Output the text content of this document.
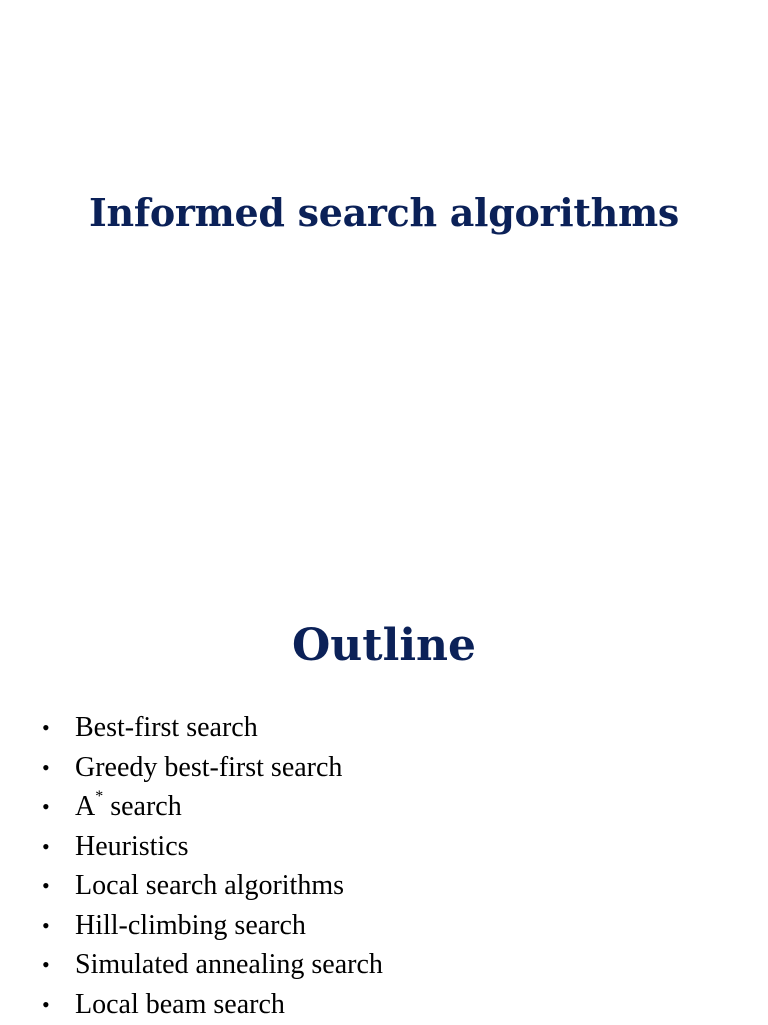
Informed search algorithms
Outline
• Best-first search
• Greedy best-first search
• A* search
• Heuristics
• Local search algorithms
• Hill-climbing search
• Simulated annealing search
• Local beam search
